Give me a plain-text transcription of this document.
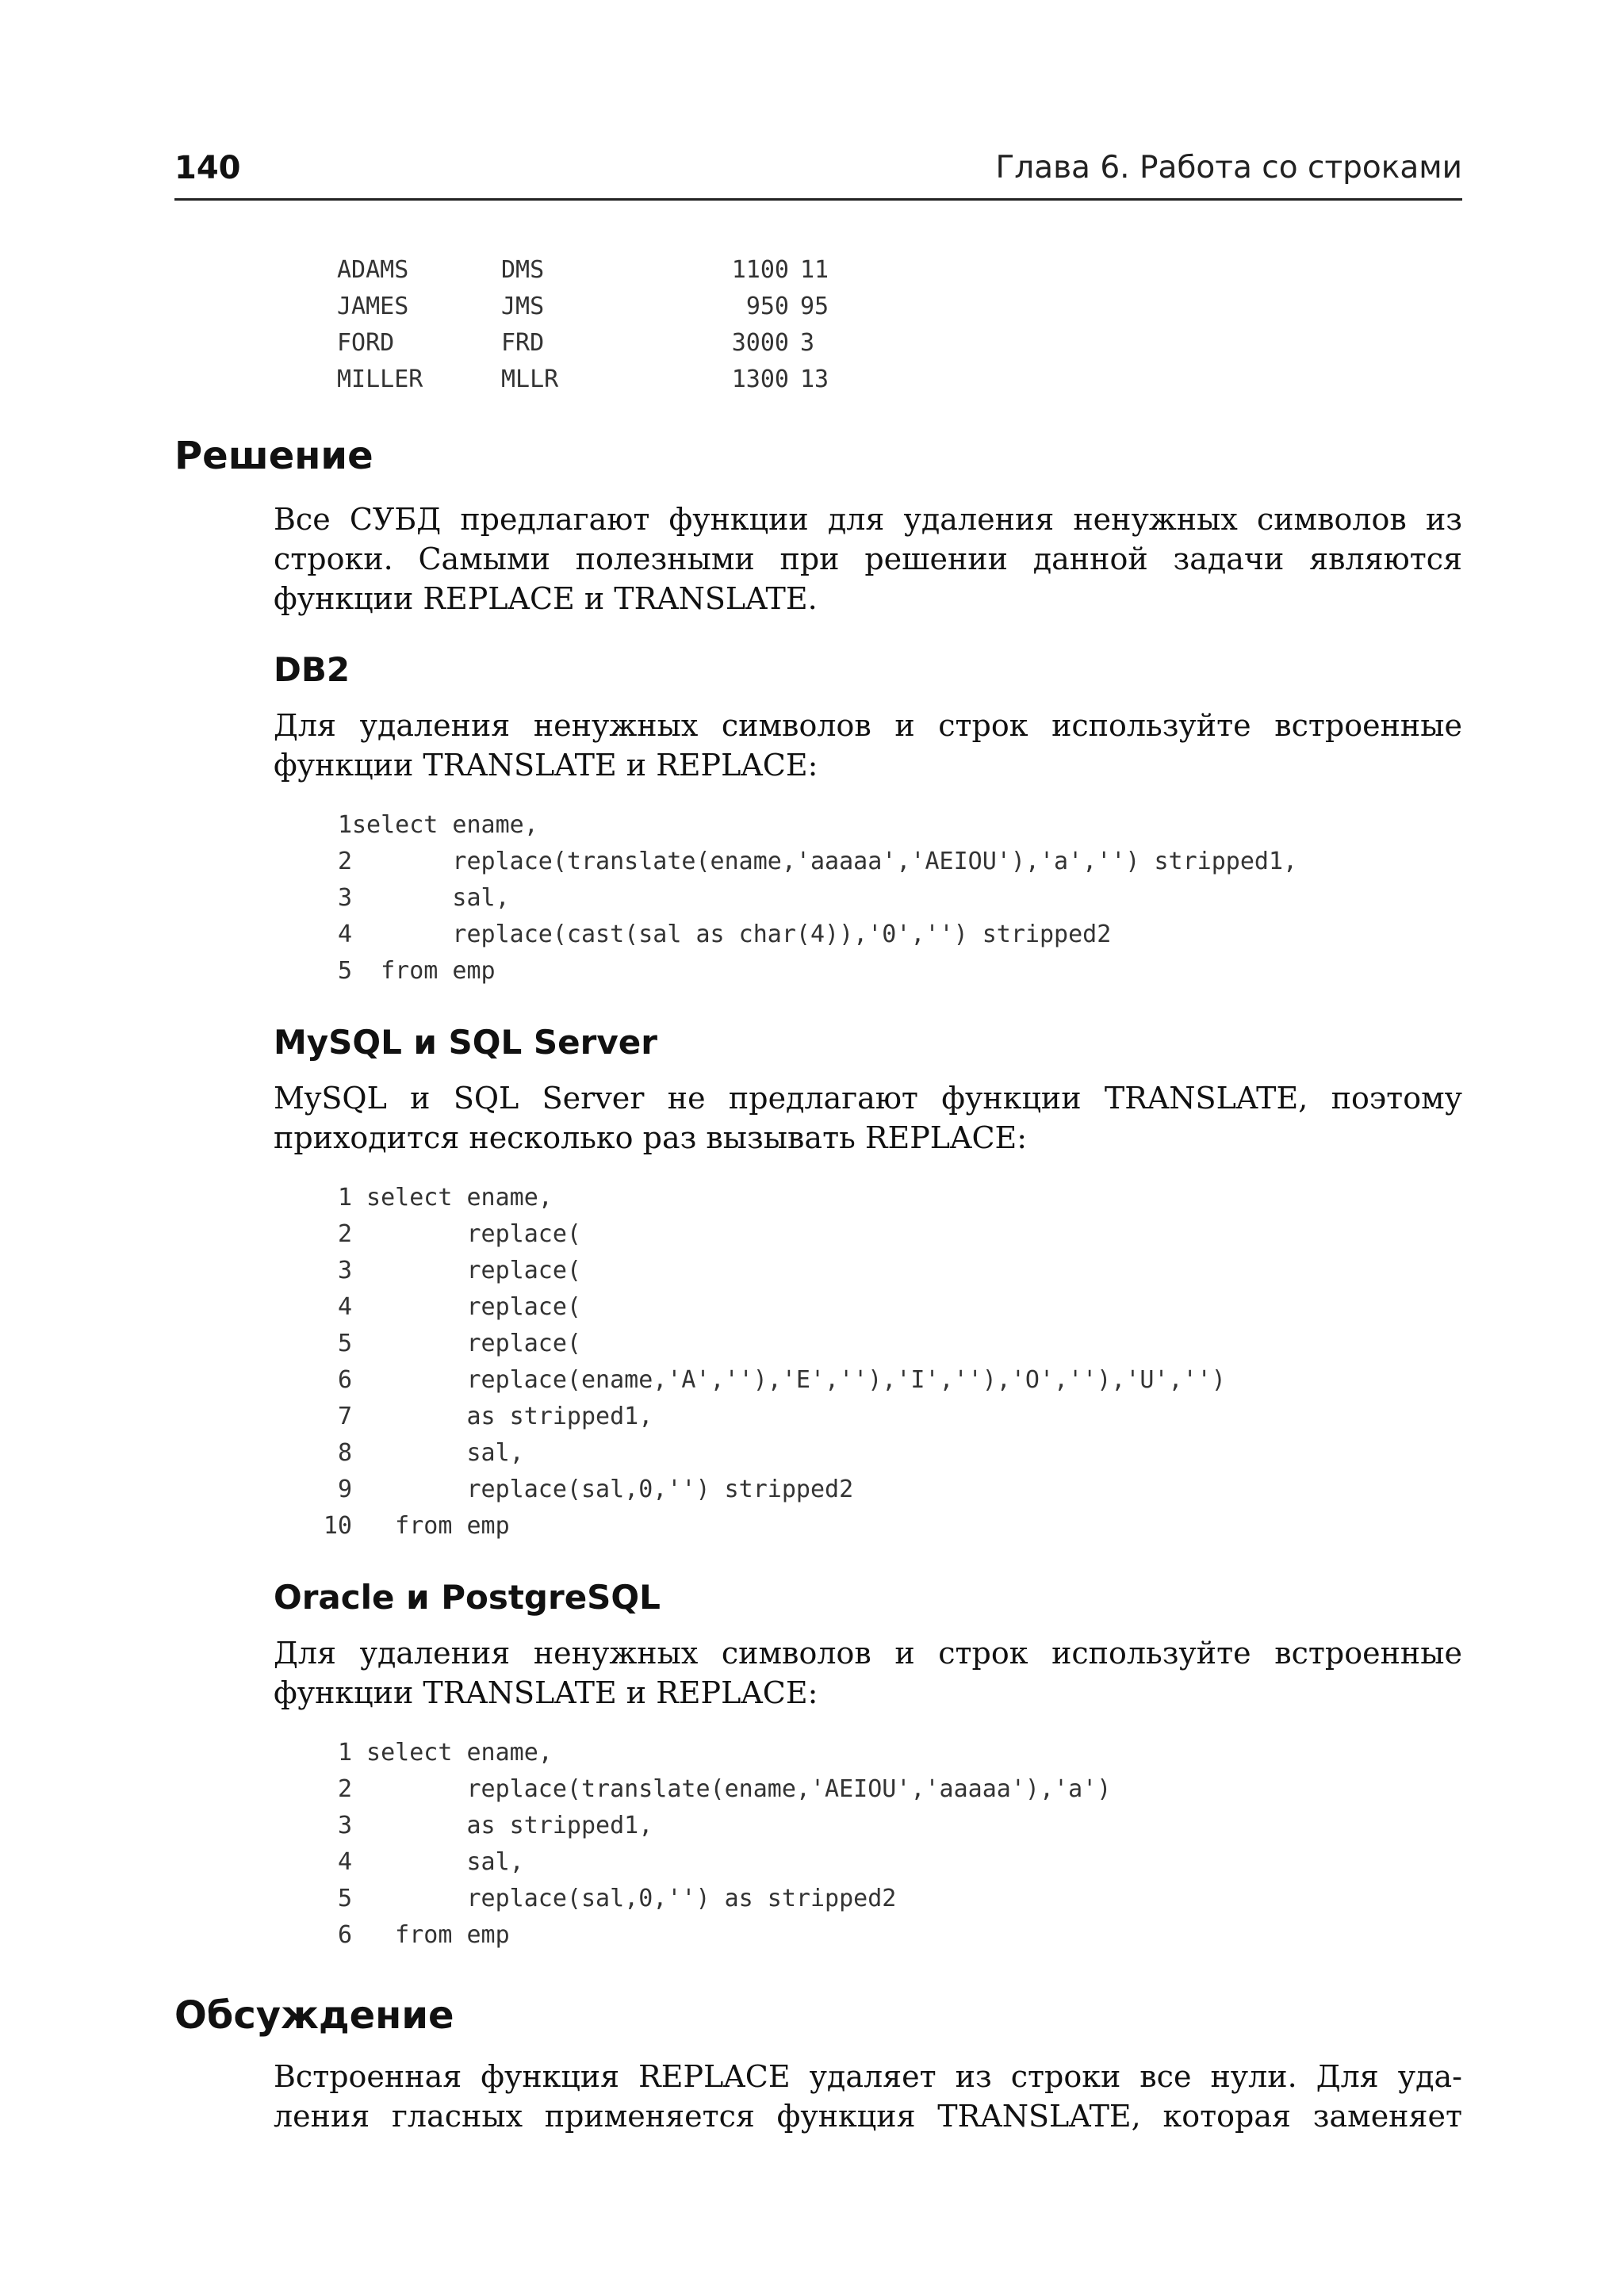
140	Глава 6. Работа со строками
ADAMS	DMS	1100 11
JAMES	JMS	950 95
FORD	FRD	3000 3
MILLER	MLLR	1300 13
Решение
Все СУБД предлагают функции для удаления ненужных символов из
строки. Самыми полезными при решении данной задачи являются
функции REPLACE и TRANSLATE.
DB2
Для удаления ненужных символов и строк используйте встроенные
функции TRANSLATE и REPLACE:
1select ename,
2       replace(translate(ename,'aaaaa','AEIOU'),'a','') stripped1,
3       sal,
4       replace(cast(sal as char(4)),'0','') stripped2
5  from emp
MySQL и SQL Server
MySQL и SQL Server не предлагают функции TRANSLATE, поэтому
приходится несколько раз вызывать REPLACE:
1 select ename,
2        replace(
3        replace(
4        replace(
5        replace(
6        replace(ename,'A',''),'E',''),'I',''),'O',''),'U','')
7        as stripped1,
8        sal,
9        replace(sal,0,'') stripped2
10   from emp
Oracle и PostgreSQL
Для удаления ненужных символов и строк используйте встроенные
функции TRANSLATE и REPLACE:
1 select ename,
2        replace(translate(ename,'AEIOU','aaaaa'),'a')
3        as stripped1,
4        sal,
5        replace(sal,0,'') as stripped2
6   from emp
Обсуждение
Встроенная функция REPLACE удаляет из строки все нули. Для уда-
ления гласных применяется функция TRANSLATE, которая заменяет
